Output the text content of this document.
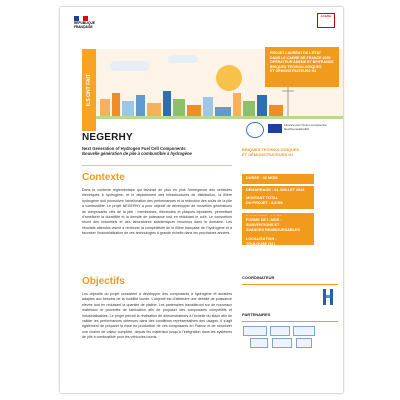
RÉPUBLIQUE
FRANÇAISE
ADEME
ILS ONT FAIT
PROJET LAURÉAT DE L’ÉTAT
DANS LE CADRE DE FRANCE 2030
OPÉRATEUR ADEME ET BPIFRANCE
BRIQUES TECHNOLOGIQUES
ET DÉMONSTRATEURS H2
Financé par l’Union européenne NextGenerationEU
NEGERHY
Next Generation of Hydrogen Fuel Cell Components
Nouvelle génération de pile à combustible à hydrogène
BRIQUES TECHNOLOGIQUES
ET DÉMONSTRATEURS H2
Contexte
Dans le contexte réglementaire qui favorise de plus en plus l’émergence des véhicules électriques à hydrogène, et le déploiement des infrastructures de distribution, la filière hydrogène doit poursuivre l’amélioration des performances et la réduction des coûts de la pile à combustible. Le projet NEGERHY a pour objectif de développer de nouvelles générations de composants clés de la pile : membranes, électrodes et plaques bipolaires, permettant d’améliorer la durabilité et la densité de puissance tout en réduisant le coût. Le consortium réunit des industriels et des laboratoires académiques reconnus dans le domaine. Les résultats attendus visent à renforcer la compétitivité de la filière française de l’hydrogène et à favoriser l’industrialisation de ces technologies à grande échelle dans les prochaines années.
Objectifs
Les objectifs du projet consistent à développer des composants à hydrogène et durables adaptés aux besoins de la mobilité lourde. L’objectif est d’atteindre une densité de puissance élevée tout en réduisant la quantité de platine. Les partenaires travailleront sur de nouveaux matériaux et procédés de fabrication afin de proposer des composants compétitifs et industrialisables. Le projet prévoit la réalisation de démonstrateurs à l’échelle du stack afin de valider les performances obtenues dans des conditions représentatives des usages. Il s’agit également de préparer la mise en production de ces composants en France et de structurer une chaîne de valeur complète, depuis les matériaux jusqu’à l’intégration dans les systèmes de pile à combustible pour les véhicules lourds.
DURÉE : 36 MOIS
DÉMARRAGE : 01 JUILLET 2022
MONTANT TOTAL
DU PROJET : 5,5 M€
FORME DE L’AIDE :
SUBVENTIONS ET
AVANCES REMBOURSABLES
LOCALISATION :
TOULOUSE (31)
COORDINATEUR
PARTENAIRES
